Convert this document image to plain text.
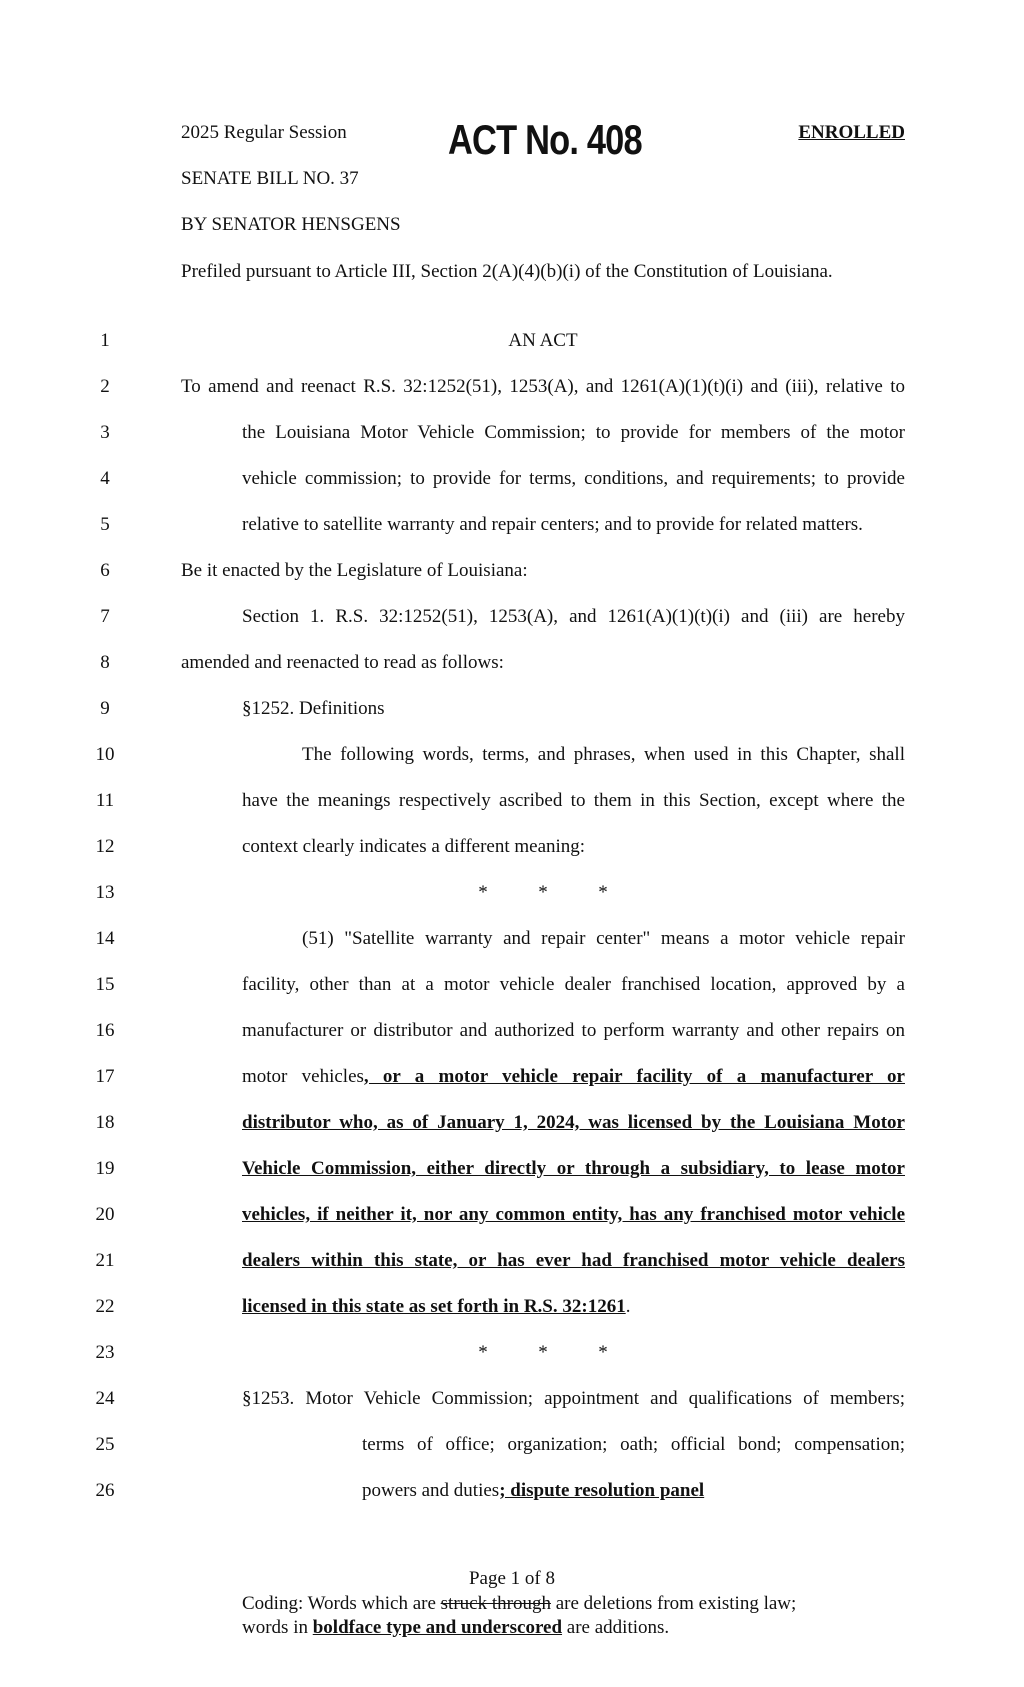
2025 Regular Session ACT No. 408	ENROLLED
SENATE BILL NO. 37
BY SENATOR HENSGENS
Prefiled pursuant to Article III, Section 2(A)(4)(b)(i) of the Constitution of Louisiana.
1
2
3
4
5
6
7
8
9
10
11
12
13
14
15
16
17
18
19
20
21
22
23
24
25
26
AN ACT
To amend and reenact R.S. 32:1252(51), 1253(A), and 1261(A)(1)(t)(i) and (iii), relative to
the Louisiana Motor Vehicle Commission; to provide for members of the motor
vehicle commission; to provide for terms, conditions, and requirements; to provide
relative to satellite warranty and repair centers; and to provide for related matters.
Be it enacted by the Legislature of Louisiana:
Section 1. R.S. 32:1252(51), 1253(A), and 1261(A)(1)(t)(i) and (iii) are hereby
amended and reenacted to read as follows:
§1252. Definitions
The following words, terms, and phrases, when used in this Chapter, shall
have the meanings respectively ascribed to them in this Section, except where the
context clearly indicates a different meaning:
*	*	*
(51) "Satellite warranty and repair center" means a motor vehicle repair
facility, other than at a motor vehicle dealer franchised location, approved by a
manufacturer or distributor and authorized to perform warranty and other repairs on
motor vehicles, or a motor vehicle repair facility of a manufacturer or
distributor who, as of January 1, 2024, was licensed by the Louisiana Motor
Vehicle Commission, either directly or through a subsidiary, to lease motor
vehicles, if neither it, nor any common entity, has any franchised motor vehicle
dealers within this state, or has ever had franchised motor vehicle dealers
licensed in this state as set forth in R.S. 32:1261.
*	*	*
§1253. Motor Vehicle Commission; appointment and qualifications of members;
terms of office; organization; oath; official bond; compensation;
powers and duties; dispute resolution panel
Page 1 of 8
Coding: Words which are struck through are deletions from existing law;
words in boldface type and underscored are additions.
